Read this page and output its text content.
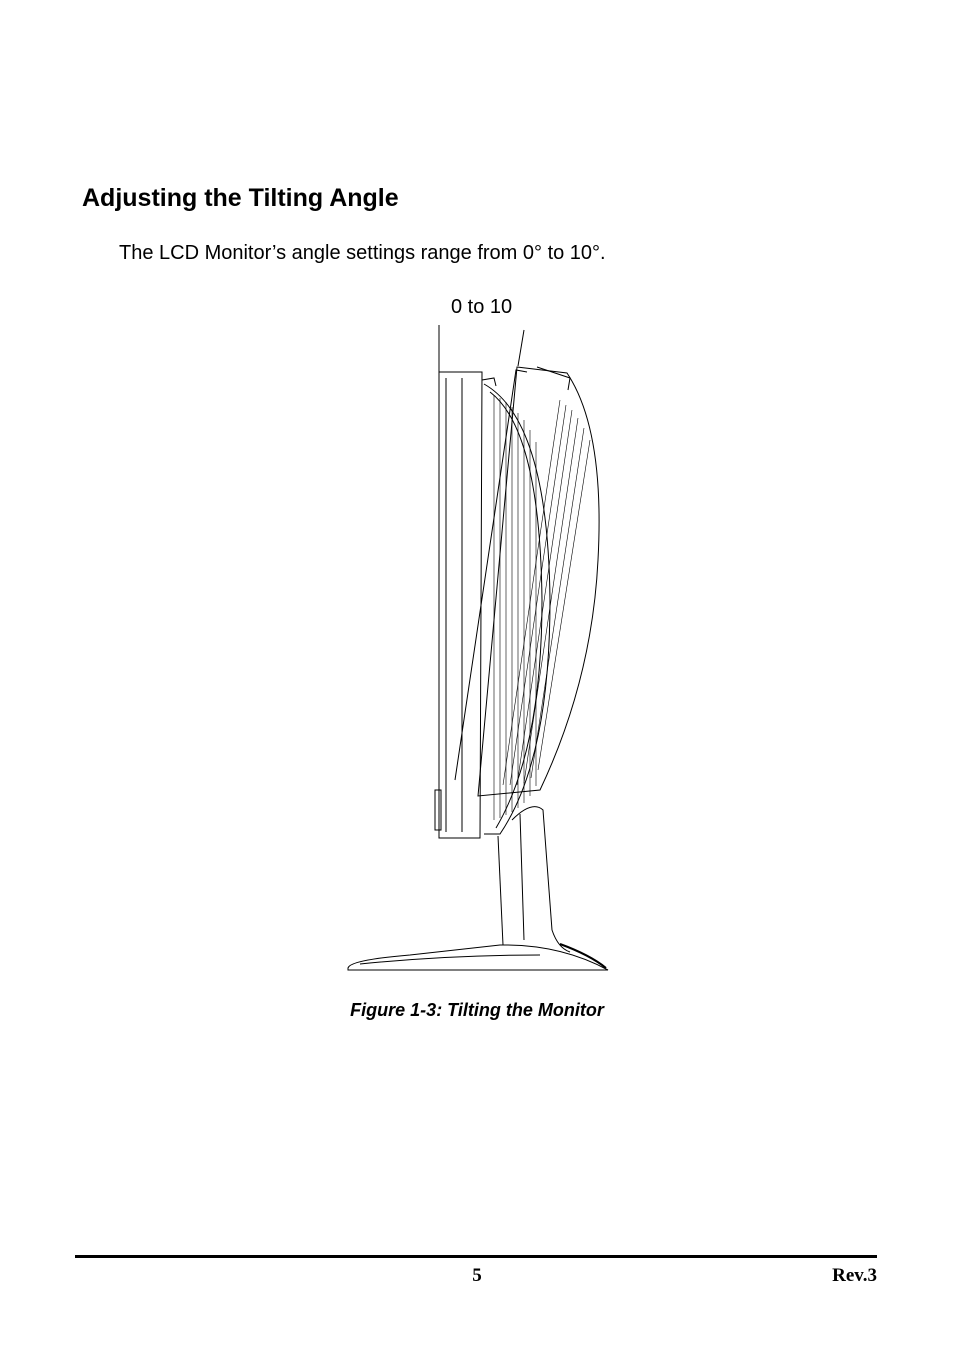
Adjusting the Tilting Angle

The LCD Monitor’s angle settings range from 0° to 10°.

0 to 10
Figure 1-3: Tilting the Monitor
5	Rev.3
